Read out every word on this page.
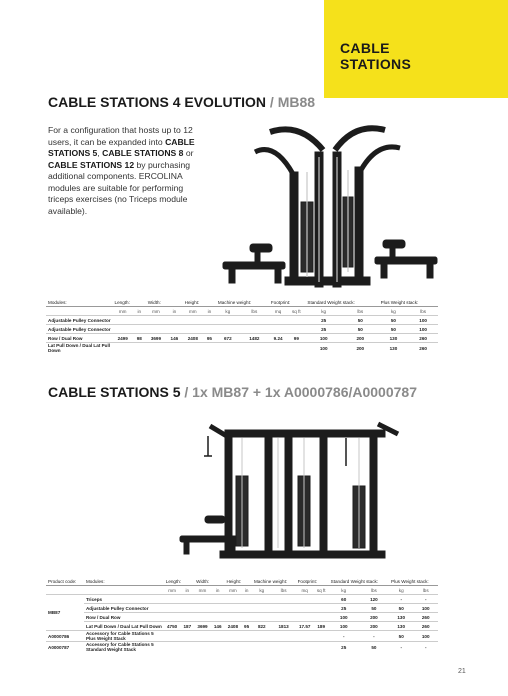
CABLE
STATIONS
CABLE STATIONS 4 EVOLUTION / MB88
For a configuration that hosts up to 12 users, it can be expanded into CABLE STATIONS 5, CABLE STATIONS 8 or CABLE STATIONS 12 by purchasing additional components. ERCOLINA modules are suitable for performing triceps exercises (no Triceps module available).
Modules:	Length:		Width:		Height:		Machine weight:		Footprint:		Standard Weight stack:		Plus Weight stack:	
	mm	in	mm	in	mm	in	kg	lbs	mq	sq ft	kg	lbs	kg	lbs
Adjustable Pulley Connector											25	50	50	100
Adjustable Pulley Connector											25	50	50	100
Row / Dual Row	2499	98	3699	146	2408	95	672	1482	9.24	99	100	200	130	260
Lat Pull Down / Dual Lat Pull Down											100	200	130	260
CABLE STATIONS 5 / 1x MB87 + 1x A0000786/A0000787
Product code:	Modules:	Length:		Width:		Height:		Machine weight:		Footprint:		Standard Weight stack:		Plus Weight stack:	
		mm	in	mm	in	mm	in	kg	lbs	mq	sq ft	kg	lbs	kg	lbs
MB87	Triceps											60	120	-	-
	Adjustable Pulley Connector											25	50	50	100
	Row / Dual Row											100	200	130	260
	Lat Pull Down / Dual Lat Pull Down	4750	187	3699	146	2408	95	822	1813	17.57	189	100	200	130	260
A0000786	Accessory for Cable Stations 5 Plus Weight Stack											-	-	50	100
A0000787	Accessory for Cable Stations 5 Standard Weight Stack											25	50	-	-
21
